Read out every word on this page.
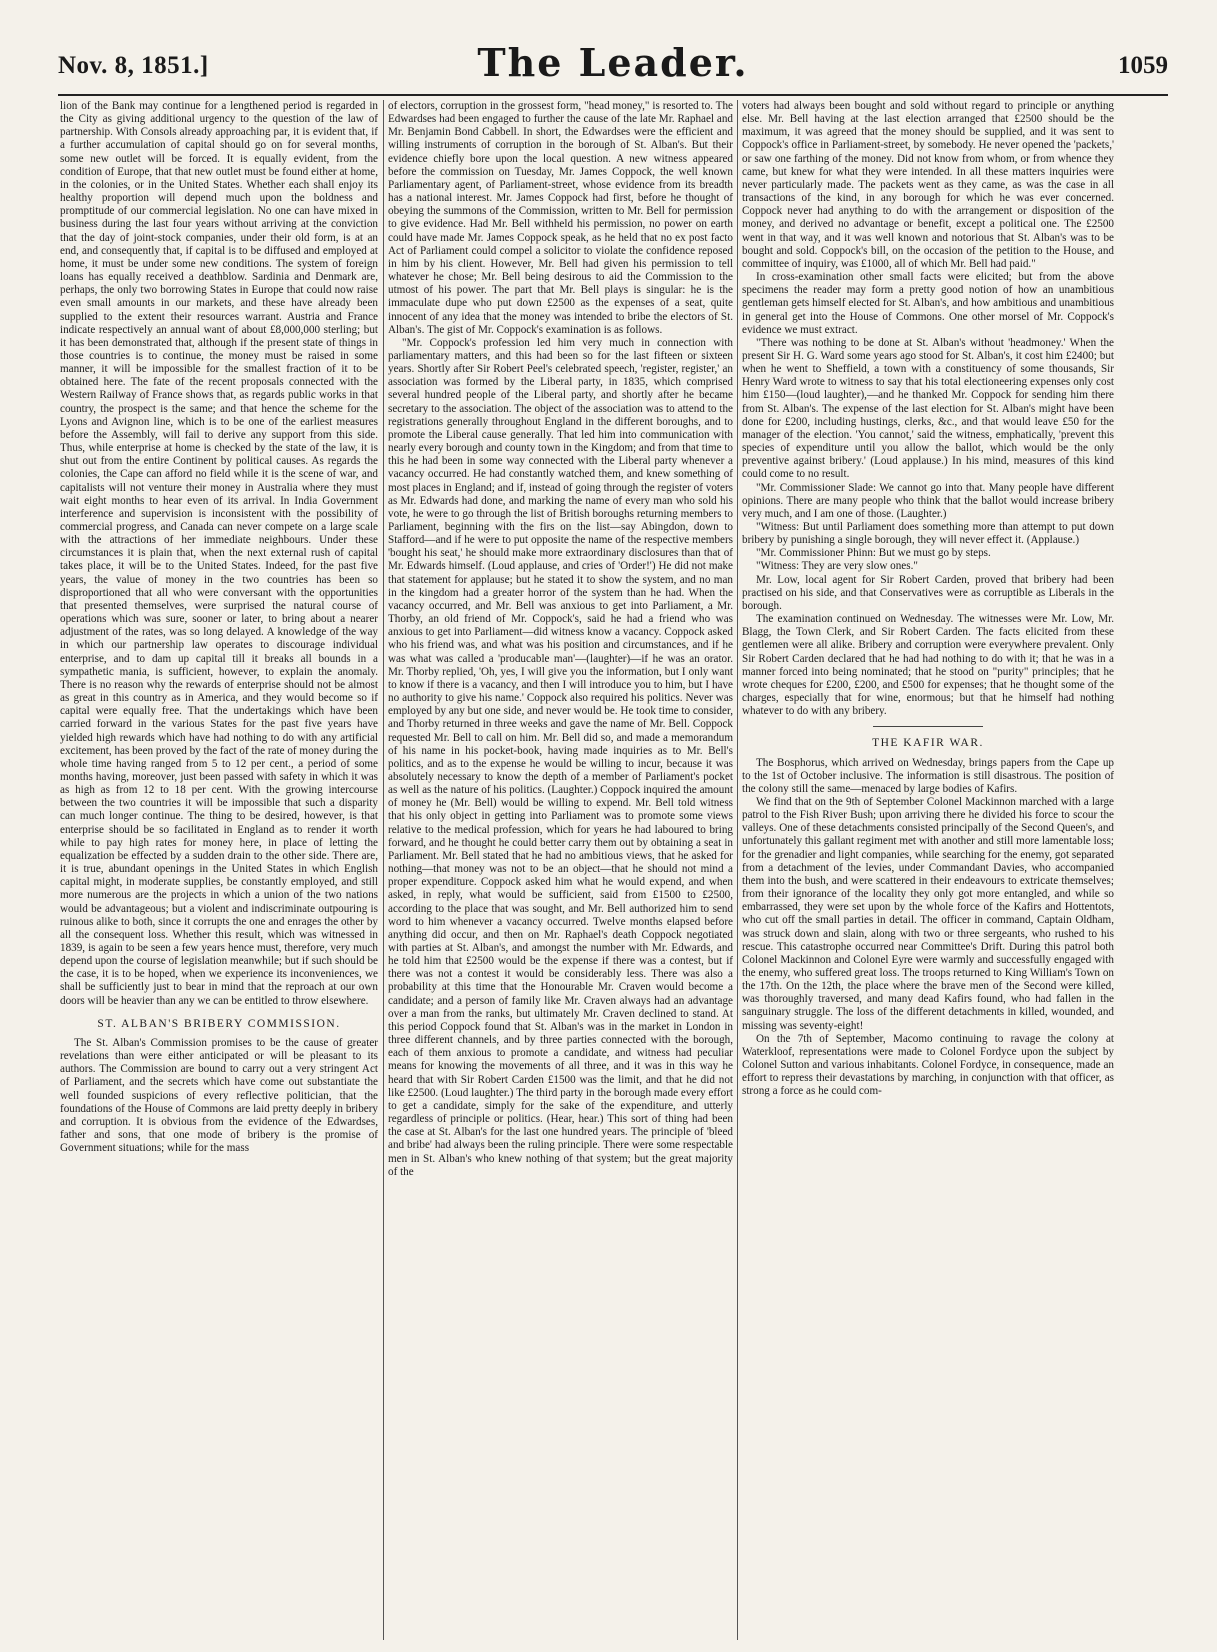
Nov. 8, 1851.]	The Leader.	1059

lion of the Bank may continue for a lengthened period is regarded in the City as giving additional urgency to the question of the law of partnership. With Consols already approaching par, it is evident that, if a further accumulation of capital should go on for several months, some new outlet will be forced. It is equally evident, from the condition of Europe, that that new outlet must be found either at home, in the colonies, or in the United States. Whether each shall enjoy its healthy proportion will depend much upon the boldness and promptitude of our commercial legislation. No one can have mixed in business during the last four years without arriving at the conviction that the day of joint-stock companies, under their old form, is at an end, and consequently that, if capital is to be diffused and employed at home, it must be under some new conditions. The system of foreign loans has equally received a deathblow. Sardinia and Denmark are, perhaps, the only two borrowing States in Europe that could now raise even small amounts in our markets, and these have already been supplied to the extent their resources warrant. Austria and France indicate respectively an annual want of about £8,000,000 sterling; but it has been demonstrated that, although if the present state of things in those countries is to continue, the money must be raised in some manner, it will be impossible for the smallest fraction of it to be obtained here. The fate of the recent proposals connected with the Western Railway of France shows that, as regards public works in that country, the prospect is the same; and that hence the scheme for the Lyons and Avignon line, which is to be one of the earliest measures before the Assembly, will fail to derive any support from this side. Thus, while enterprise at home is checked by the state of the law, it is shut out from the entire Continent by political causes. As regards the colonies, the Cape can afford no field while it is the scene of war, and capitalists will not venture their money in Australia where they must wait eight months to hear even of its arrival. In India Government interference and supervision is inconsistent with the possibility of commercial progress, and Canada can never compete on a large scale with the attractions of her immediate neighbours. Under these circumstances it is plain that, when the next external rush of capital takes place, it will be to the United States. Indeed, for the past five years, the value of money in the two countries has been so disproportioned that all who were conversant with the opportunities that presented themselves, were surprised the natural course of operations which was sure, sooner or later, to bring about a nearer adjustment of the rates, was so long delayed. A knowledge of the way in which our partnership law operates to discourage individual enterprise, and to dam up capital till it breaks all bounds in a sympathetic mania, is sufficient, however, to explain the anomaly. There is no reason why the rewards of enterprise should not be almost as great in this country as in America, and they would become so if capital were equally free. That the undertakings which have been carried forward in the various States for the past five years have yielded high rewards which have had nothing to do with any artificial excitement, has been proved by the fact of the rate of money during the whole time having ranged from 5 to 12 per cent., a period of some months having, moreover, just been passed with safety in which it was as high as from 12 to 18 per cent. With the growing intercourse between the two countries it will be impossible that such a disparity can much longer continue. The thing to be desired, however, is that enterprise should be so facilitated in England as to render it worth while to pay high rates for money here, in place of letting the equalization be effected by a sudden drain to the other side. There are, it is true, abundant openings in the United States in which English capital might, in moderate supplies, be constantly employed, and still more numerous are the projects in which a union of the two nations would be advantageous; but a violent and indiscriminate outpouring is ruinous alike to both, since it corrupts the one and enrages the other by all the consequent loss. Whether this result, which was witnessed in 1839, is again to be seen a few years hence must, therefore, very much depend upon the course of legislation meanwhile; but if such should be the case, it is to be hoped, when we experience its inconveniences, we shall be sufficiently just to bear in mind that the reproach at our own doors will be heavier than any we can be entitled to throw elsewhere.

ST. ALBAN'S BRIBERY COMMISSION.

The St. Alban's Commission promises to be the cause of greater revelations than were either anticipated or will be pleasant to its authors. The Commission are bound to carry out a very stringent Act of Parliament, and the secrets which have come out substantiate the well founded suspicions of every reflective politician, that the foundations of the House of Commons are laid pretty deeply in bribery and corruption. It is obvious from the evidence of the Edwardses, father and sons, that one mode of bribery is the promise of Government situations; while for the mass

of electors, corruption in the grossest form, "head money," is resorted to. The Edwardses had been engaged to further the cause of the late Mr. Raphael and Mr. Benjamin Bond Cabbell. In short, the Edwardses were the efficient and willing instruments of corruption in the borough of St. Alban's. But their evidence chiefly bore upon the local question. A new witness appeared before the commission on Tuesday, Mr. James Coppock, the well known Parliamentary agent, of Parliament-street, whose evidence from its breadth has a national interest. Mr. James Coppock had first, before he thought of obeying the summons of the Commission, written to Mr. Bell for permission to give evidence. Had Mr. Bell withheld his permission, no power on earth could have made Mr. James Coppock speak, as he held that no ex post facto Act of Parliament could compel a solicitor to violate the confidence reposed in him by his client. However, Mr. Bell had given his permission to tell whatever he chose; Mr. Bell being desirous to aid the Commission to the utmost of his power. The part that Mr. Bell plays is singular: he is the immaculate dupe who put down £2500 as the expenses of a seat, quite innocent of any idea that the money was intended to bribe the electors of St. Alban's. The gist of Mr. Coppock's examination is as follows.

"Mr. Coppock's profession led him very much in connection with parliamentary matters, and this had been so for the last fifteen or sixteen years. Shortly after Sir Robert Peel's celebrated speech, 'register, register,' an association was formed by the Liberal party, in 1835, which comprised several hundred people of the Liberal party, and shortly after he became secretary to the association. The object of the association was to attend to the registrations generally throughout England in the different boroughs, and to promote the Liberal cause generally. That led him into communication with nearly every borough and county town in the Kingdom; and from that time to this he had been in some way connected with the Liberal party whenever a vacancy occurred. He had constantly watched them, and knew something of most places in England; and if, instead of going through the register of voters as Mr. Edwards had done, and marking the name of every man who sold his vote, he were to go through the list of British boroughs returning members to Parliament, beginning with the firs on the list—say Abingdon, down to Stafford—and if he were to put opposite the name of the respective members 'bought his seat,' he should make more extraordinary disclosures than that of Mr. Edwards himself. (Loud applause, and cries of 'Order!') He did not make that statement for applause; but he stated it to show the system, and no man in the kingdom had a greater horror of the system than he had. When the vacancy occurred, and Mr. Bell was anxious to get into Parliament, a Mr. Thorby, an old friend of Mr. Coppock's, said he had a friend who was anxious to get into Parliament—did witness know a vacancy. Coppock asked who his friend was, and what was his position and circumstances, and if he was what was called a 'producable man'—(laughter)—if he was an orator. Mr. Thorby replied, 'Oh, yes, I will give you the information, but I only want to know if there is a vacancy, and then I will introduce you to him, but I have no authority to give his name.' Coppock also required his politics. Never was employed by any but one side, and never would be. He took time to consider, and Thorby returned in three weeks and gave the name of Mr. Bell. Coppock requested Mr. Bell to call on him. Mr. Bell did so, and made a memorandum of his name in his pocket-book, having made inquiries as to Mr. Bell's politics, and as to the expense he would be willing to incur, because it was absolutely necessary to know the depth of a member of Parliament's pocket as well as the nature of his politics. (Laughter.) Coppock inquired the amount of money he (Mr. Bell) would be willing to expend. Mr. Bell told witness that his only object in getting into Parliament was to promote some views relative to the medical profession, which for years he had laboured to bring forward, and he thought he could better carry them out by obtaining a seat in Parliament. Mr. Bell stated that he had no ambitious views, that he asked for nothing—that money was not to be an object—that he should not mind a proper expenditure. Coppock asked him what he would expend, and when asked, in reply, what would be sufficient, said from £1500 to £2500, according to the place that was sought, and Mr. Bell authorized him to send word to him whenever a vacancy occurred. Twelve months elapsed before anything did occur, and then on Mr. Raphael's death Coppock negotiated with parties at St. Alban's, and amongst the number with Mr. Edwards, and he told him that £2500 would be the expense if there was a contest, but if there was not a contest it would be considerably less. There was also a probability at this time that the Honourable Mr. Craven would become a candidate; and a person of family like Mr. Craven always had an advantage over a man from the ranks, but ultimately Mr. Craven declined to stand. At this period Coppock found that St. Alban's was in the market in London in three different channels, and by three parties connected with the borough, each of them anxious to promote a candidate, and witness had peculiar means for knowing the movements of all three, and it was in this way he heard that with Sir Robert Carden £1500 was the limit, and that he did not like £2500. (Loud laughter.) The third party in the borough made every effort to get a candidate, simply for the sake of the expenditure, and utterly regardless of principle or politics. (Hear, hear.) This sort of thing had been the case at St. Alban's for the last one hundred years. The principle of 'bleed and bribe' had always been the ruling principle. There were some respectable men in St. Alban's who knew nothing of that system; but the great majority of the

voters had always been bought and sold without regard to principle or anything else. Mr. Bell having at the last election arranged that £2500 should be the maximum, it was agreed that the money should be supplied, and it was sent to Coppock's office in Parliament-street, by somebody. He never opened the 'packets,' or saw one farthing of the money. Did not know from whom, or from whence they came, but knew for what they were intended. In all these matters inquiries were never particularly made. The packets went as they came, as was the case in all transactions of the kind, in any borough for which he was ever concerned. Coppock never had anything to do with the arrangement or disposition of the money, and derived no advantage or benefit, except a political one. The £2500 went in that way, and it was well known and notorious that St. Alban's was to be bought and sold. Coppock's bill, on the occasion of the petition to the House, and committee of inquiry, was £1000, all of which Mr. Bell had paid."

In cross-examination other small facts were elicited; but from the above specimens the reader may form a pretty good notion of how an unambitious gentleman gets himself elected for St. Alban's, and how ambitious and unambitious in general get into the House of Commons. One other morsel of Mr. Coppock's evidence we must extract.

"There was nothing to be done at St. Alban's without 'headmoney.' When the present Sir H. G. Ward some years ago stood for St. Alban's, it cost him £2400; but when he went to Sheffield, a town with a constituency of some thousands, Sir Henry Ward wrote to witness to say that his total electioneering expenses only cost him £150—(loud laughter),—and he thanked Mr. Coppock for sending him there from St. Alban's. The expense of the last election for St. Alban's might have been done for £200, including hustings, clerks, &c., and that would leave £50 for the manager of the election. 'You cannot,' said the witness, emphatically, 'prevent this species of expenditure until you allow the ballot, which would be the only preventive against bribery.' (Loud applause.) In his mind, measures of this kind could come to no result.

"Mr. Commissioner Slade: We cannot go into that. Many people have different opinions. There are many people who think that the ballot would increase bribery very much, and I am one of those. (Laughter.)

"Witness: But until Parliament does something more than attempt to put down bribery by punishing a single borough, they will never effect it. (Applause.)

"Mr. Commissioner Phinn: But we must go by steps.

"Witness: They are very slow ones."

Mr. Low, local agent for Sir Robert Carden, proved that bribery had been practised on his side, and that Conservatives were as corruptible as Liberals in the borough.

The examination continued on Wednesday. The witnesses were Mr. Low, Mr. Blagg, the Town Clerk, and Sir Robert Carden. The facts elicited from these gentlemen were all alike. Bribery and corruption were everywhere prevalent. Only Sir Robert Carden declared that he had had nothing to do with it; that he was in a manner forced into being nominated; that he stood on "purity" principles; that he wrote cheques for £200, £200, and £500 for expenses; that he thought some of the charges, especially that for wine, enormous; but that he himself had nothing whatever to do with any bribery.

THE KAFIR WAR.

The Bosphorus, which arrived on Wednesday, brings papers from the Cape up to the 1st of October inclusive. The information is still disastrous. The position of the colony still the same—menaced by large bodies of Kafirs.

We find that on the 9th of September Colonel Mackinnon marched with a large patrol to the Fish River Bush; upon arriving there he divided his force to scour the valleys. One of these detachments consisted principally of the Second Queen's, and unfortunately this gallant regiment met with another and still more lamentable loss; for the grenadier and light companies, while searching for the enemy, got separated from a detachment of the levies, under Commandant Davies, who accompanied them into the bush, and were scattered in their endeavours to extricate themselves; from their ignorance of the locality they only got more entangled, and while so embarrassed, they were set upon by the whole force of the Kafirs and Hottentots, who cut off the small parties in detail. The officer in command, Captain Oldham, was struck down and slain, along with two or three sergeants, who rushed to his rescue. This catastrophe occurred near Committee's Drift. During this patrol both Colonel Mackinnon and Colonel Eyre were warmly and successfully engaged with the enemy, who suffered great loss. The troops returned to King William's Town on the 17th. On the 12th, the place where the brave men of the Second were killed, was thoroughly traversed, and many dead Kafirs found, who had fallen in the sanguinary struggle. The loss of the different detachments in killed, wounded, and missing was seventy-eight!

On the 7th of September, Macomo continuing to ravage the colony at Waterkloof, representations were made to Colonel Fordyce upon the subject by Colonel Sutton and various inhabitants. Colonel Fordyce, in consequence, made an effort to repress their devastations by marching, in conjunction with that officer, as strong a force as he could com-
